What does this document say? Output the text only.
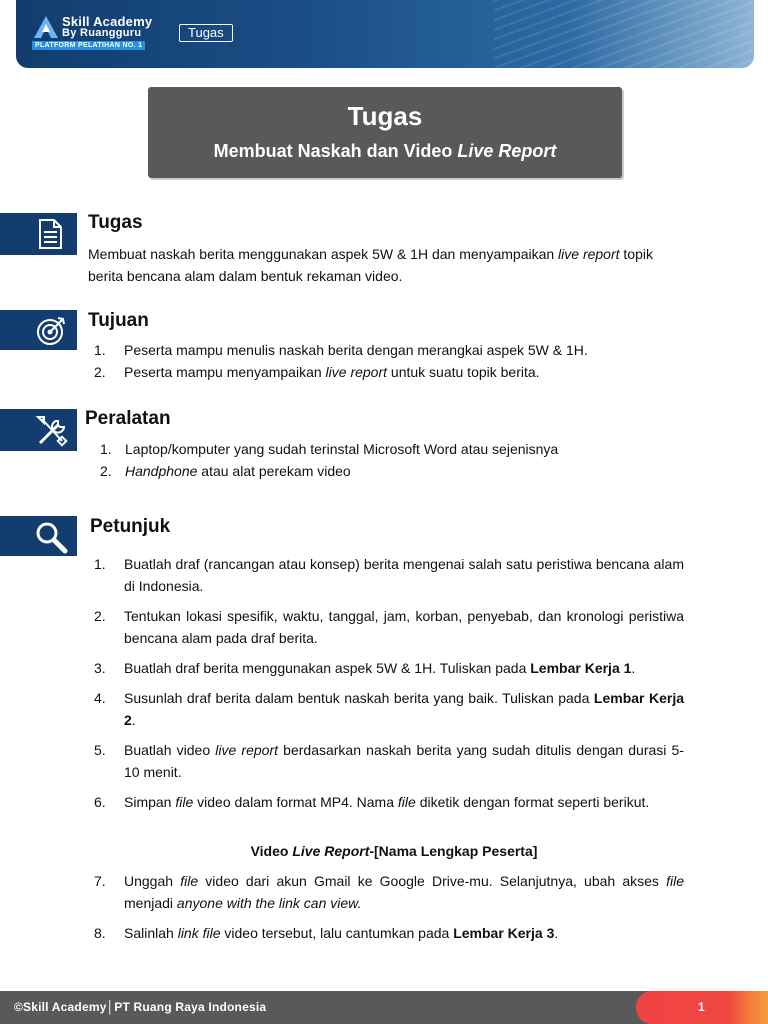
Skill Academy
By Ruangguru
PLATFORM PELATIHAN NO. 1
Tugas
Tugas
Membuat Naskah dan Video Live Report
Tugas
Membuat naskah berita menggunakan aspek 5W & 1H dan menyampaikan live report topik berita bencana alam dalam bentuk rekaman video.
Tujuan
1. Peserta mampu menulis naskah berita dengan merangkai aspek 5W & 1H.
2. Peserta mampu menyampaikan live report untuk suatu topik berita.
Peralatan
1. Laptop/komputer yang sudah terinstal Microsoft Word atau sejenisnya
2. Handphone atau alat perekam video
Petunjuk
1. Buatlah draf (rancangan atau konsep) berita mengenai salah satu peristiwa bencana alam di Indonesia.
2. Tentukan lokasi spesifik, waktu, tanggal, jam, korban, penyebab, dan kronologi peristiwa bencana alam pada draf berita.
3. Buatlah draf berita menggunakan aspek 5W & 1H. Tuliskan pada Lembar Kerja 1.
4. Susunlah draf berita dalam bentuk naskah berita yang baik. Tuliskan pada Lembar Kerja 2.
5. Buatlah video live report berdasarkan naskah berita yang sudah ditulis dengan durasi 5-10 menit.
6. Simpan file video dalam format MP4. Nama file diketik dengan format seperti berikut.
Video Live Report-[Nama Lengkap Peserta]
7. Unggah file video dari akun Gmail ke Google Drive-mu. Selanjutnya, ubah akses file menjadi anyone with the link can view.
8. Salinlah link file video tersebut, lalu cantumkan pada Lembar Kerja 3.
©Skill Academy│PT Ruang Raya Indonesia	1
